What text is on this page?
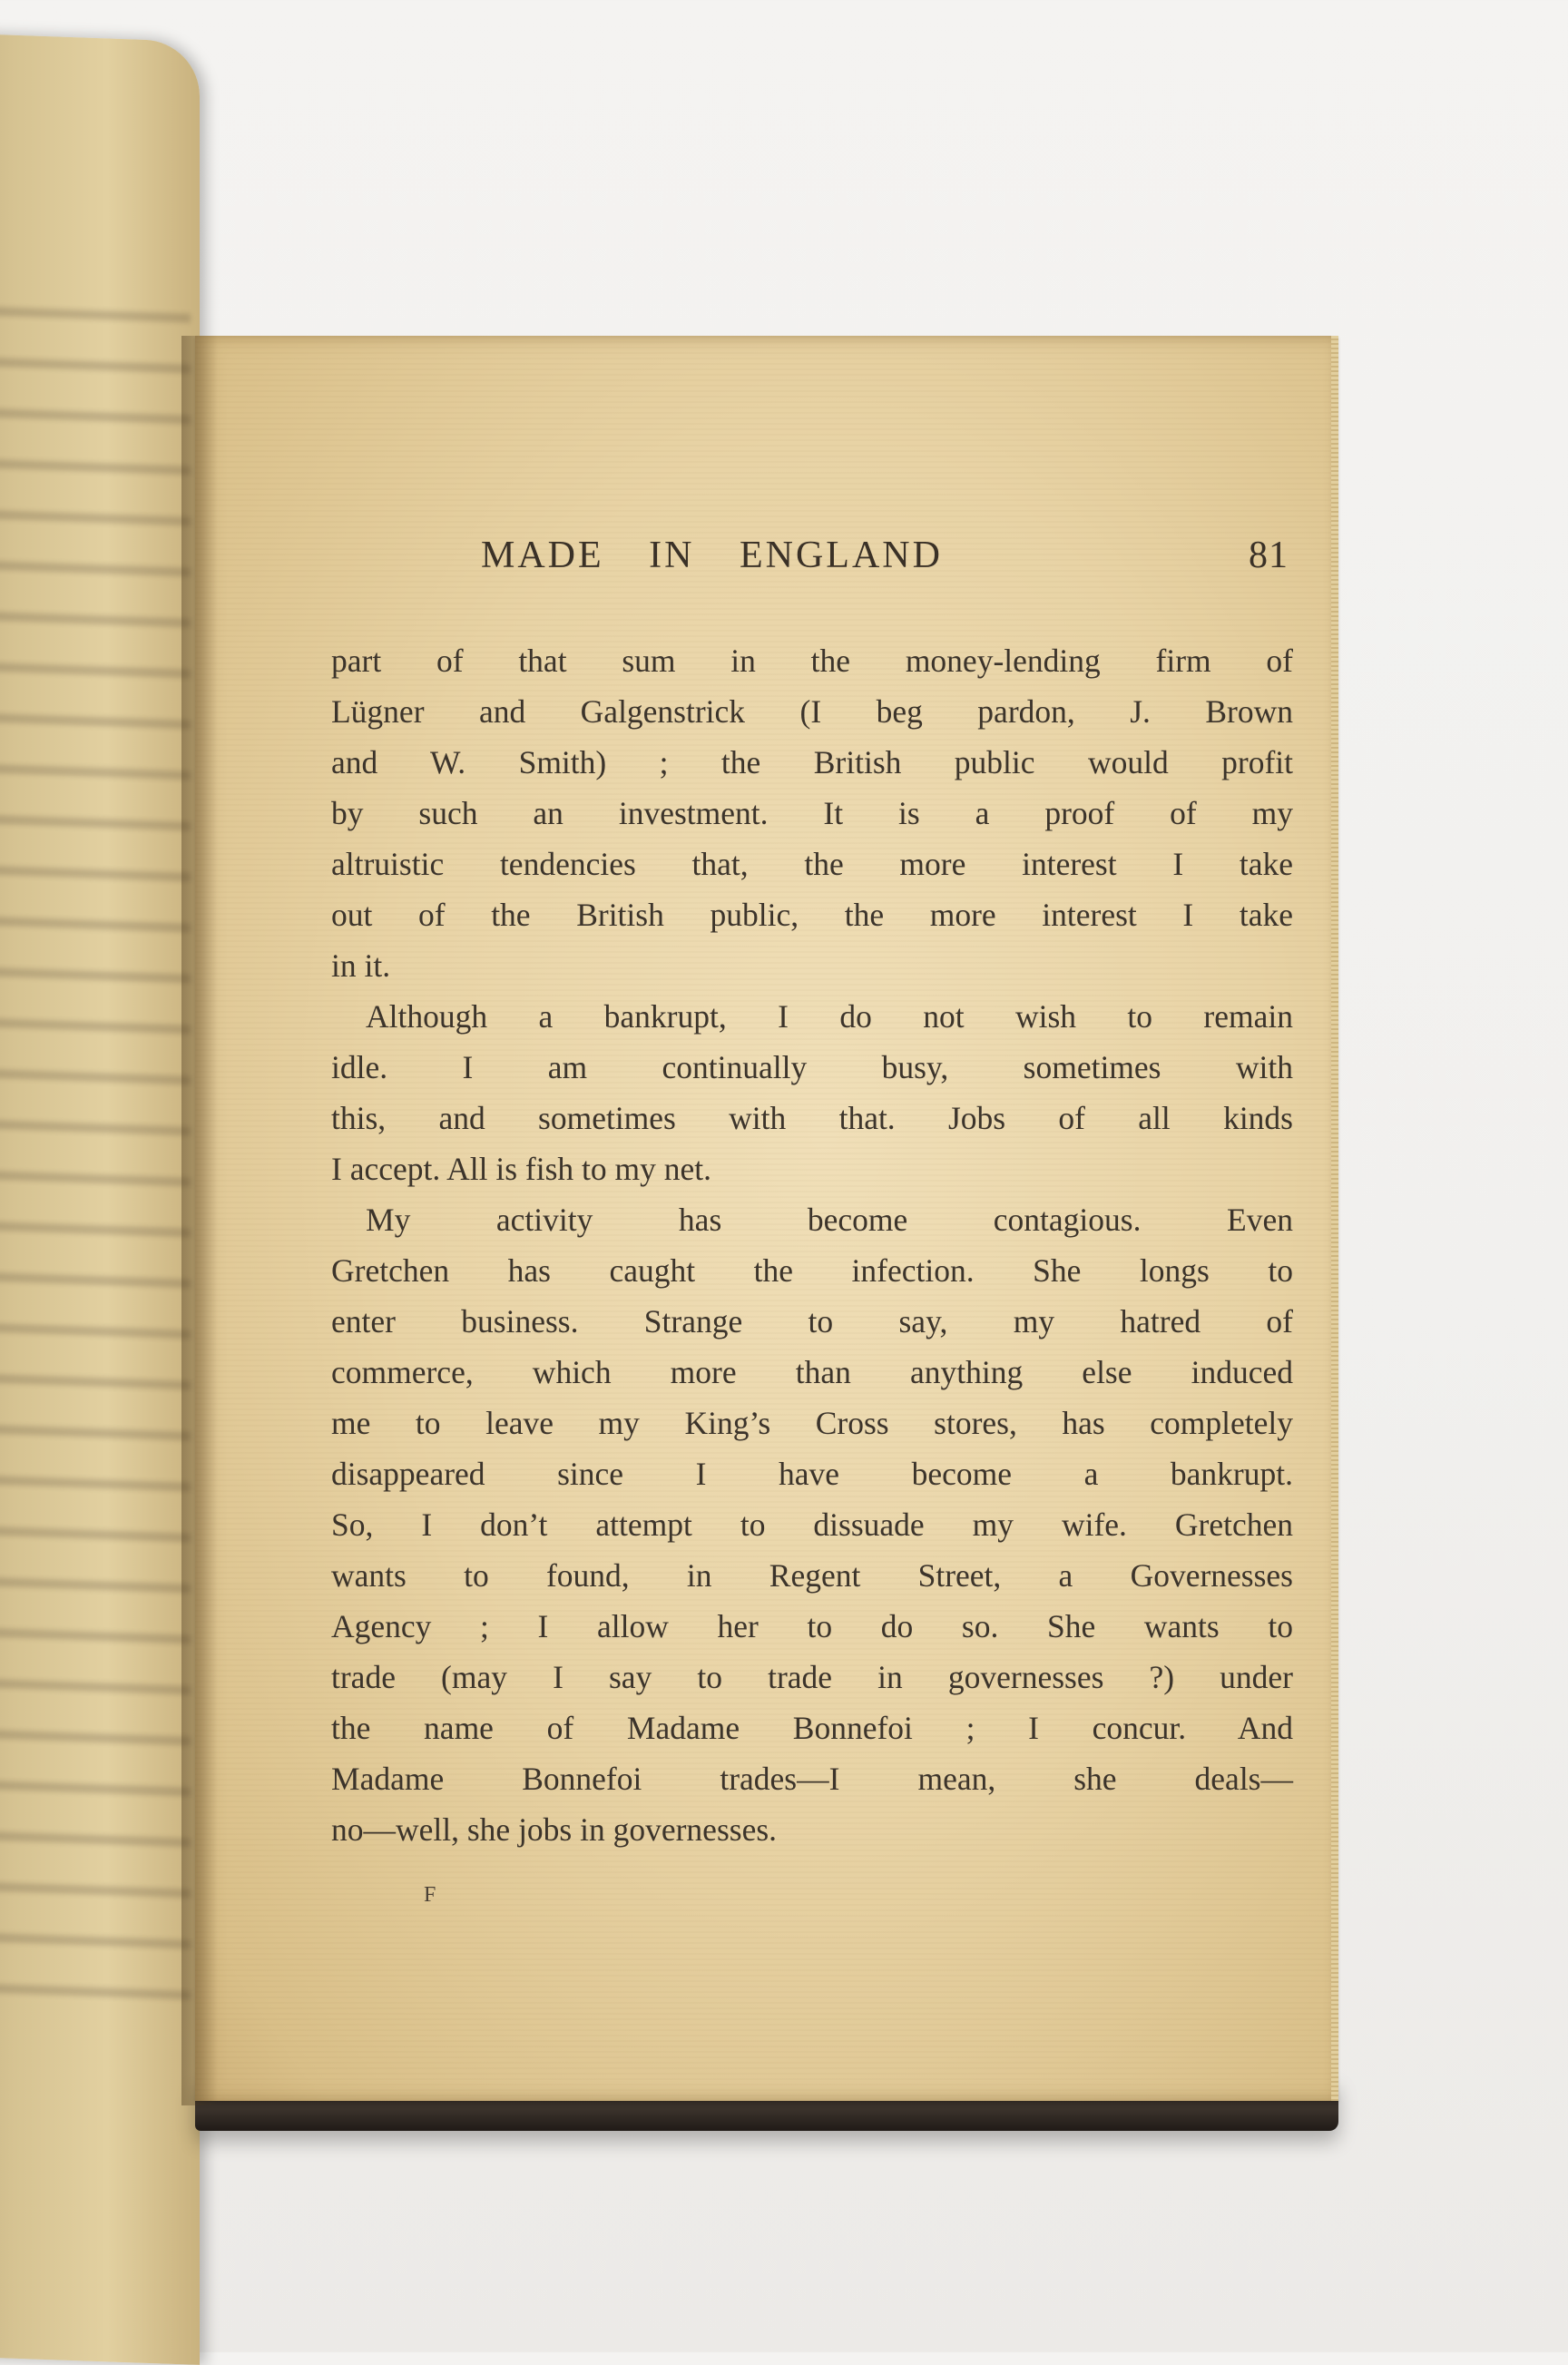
MADE IN ENGLAND	81
part of that sum in the money-lending firm of
Lügner and Galgenstrick (I beg pardon, J. Brown
and W. Smith) ; the British public would profit
by such an investment. It is a proof of my
altruistic tendencies that, the more interest I take
out of the British public, the more interest I take
in it.
Although a bankrupt, I do not wish to remain
idle. I am continually busy, sometimes with
this, and sometimes with that. Jobs of all kinds
I accept. All is fish to my net.
My activity has become contagious. Even
Gretchen has caught the infection. She longs to
enter business. Strange to say, my hatred of
commerce, which more than anything else induced
me to leave my King’s Cross stores, has completely
disappeared since I have become a bankrupt.
So, I don’t attempt to dissuade my wife. Gretchen
wants to found, in Regent Street, a Governesses
Agency ; I allow her to do so. She wants to
trade (may I say to trade in governesses ?) under
the name of Madame Bonnefoi ; I concur. And
Madame Bonnefoi trades—I mean, she deals—
no—well, she jobs in governesses.
F
